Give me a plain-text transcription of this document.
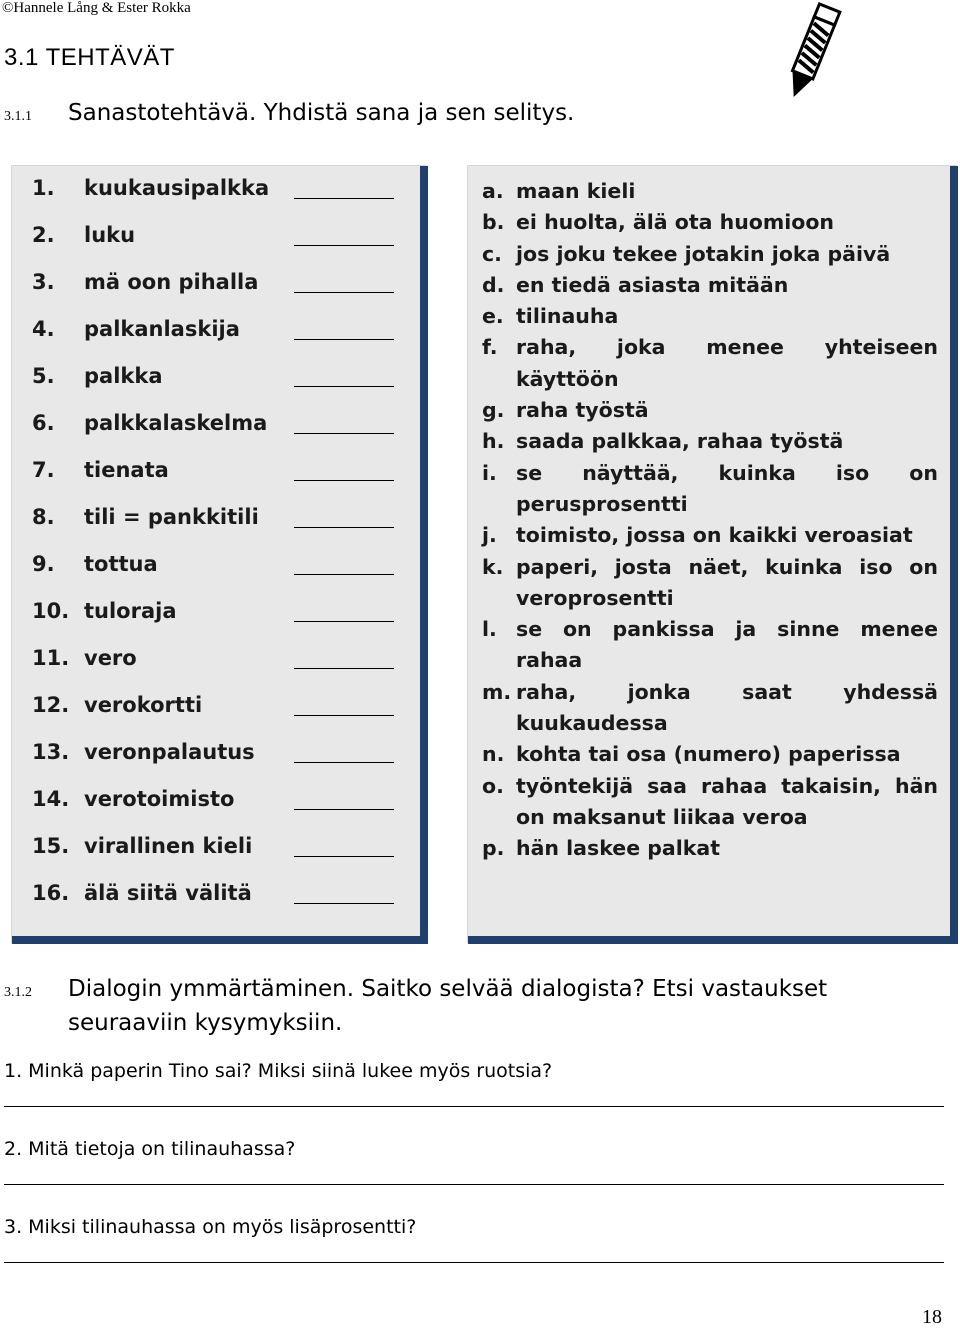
©Hannele Lång & Ester Rokka
3.1 TEHTÄVÄT
3.1.1 Sanastotehtävä. Yhdistä sana ja sen selitys.
1. kuukausipalkka
2. luku
3. mä oon pihalla
4. palkanlaskija
5. palkka
6. palkkalaskelma
7. tienata
8. tili = pankkitili
9. tottua
10. tuloraja
11. vero
12. verokortti
13. veronpalautus
14. verotoimisto
15. virallinen kieli
16. älä siitä välitä
a. maan kieli
b. ei huolta, älä ota huomioon
c. jos joku tekee jotakin joka päivä
d. en tiedä asiasta mitään
e. tilinauha
f. raha, joka menee yhteiseen käyttöön
g. raha työstä
h. saada palkkaa, rahaa työstä
i. se näyttää, kuinka iso on perusprosentti
j. toimisto, jossa on kaikki veroasiat
k. paperi, josta näet, kuinka iso on veroprosentti
l. se on pankissa ja sinne menee rahaa
m. raha, jonka saat yhdessä kuukaudessa
n. kohta tai osa (numero) paperissa
o. työntekijä saa rahaa takaisin, hän on maksanut liikaa veroa
p. hän laskee palkat
3.1.2 Dialogin ymmärtäminen. Saitko selvää dialogista? Etsi vastaukset
seuraaviin kysymyksiin.
1. Minkä paperin Tino sai? Miksi siinä lukee myös ruotsia?
2. Mitä tietoja on tilinauhassa?
3. Miksi tilinauhassa on myös lisäprosentti?
18
